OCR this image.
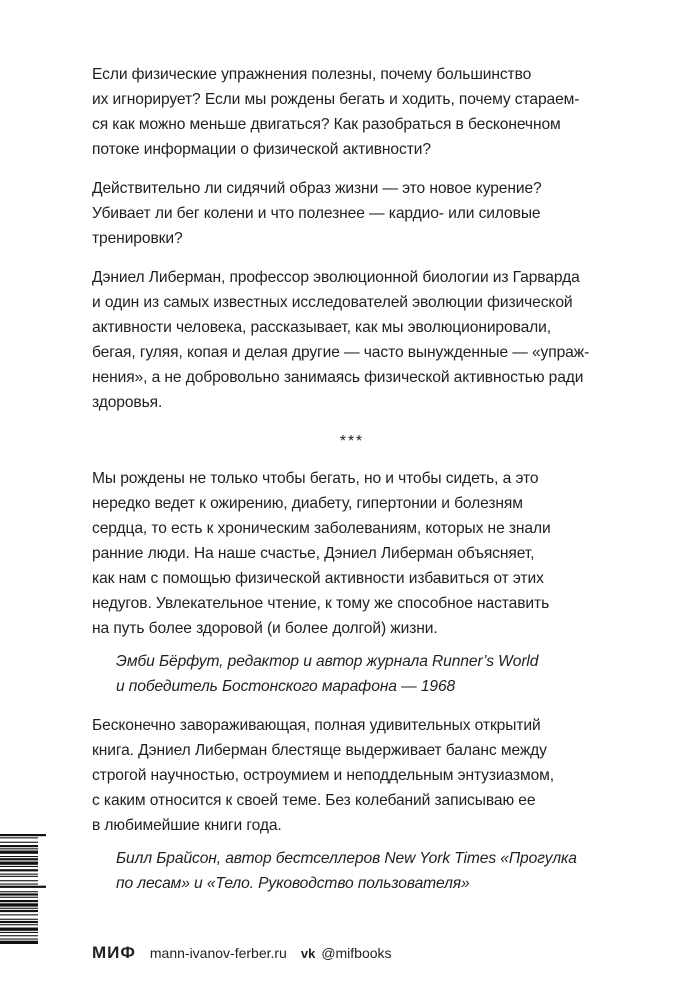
Если физические упражнения полезны, почему большинство
их игнорирует? Если мы рождены бегать и ходить, почему стараем-
ся как можно меньше двигаться? Как разобраться в бесконечном
потоке информации о физической активности?

Действительно ли сидячий образ жизни — это новое курение?
Убивает ли бег колени и что полезнее — кардио- или силовые
тренировки?

Дэниел Либерман, профессор эволюционной биологии из Гарварда
и один из самых известных исследователей эволюции физической
активности человека, рассказывает, как мы эволюционировали,
бегая, гуляя, копая и делая другие — часто вынужденные — «упраж-
нения», а не добровольно занимаясь физической активностью ради
здоровья.

***

Мы рождены не только чтобы бегать, но и чтобы сидеть, а это
нередко ведет к ожирению, диабету, гипертонии и болезням
сердца, то есть к хроническим заболеваниям, которых не знали
ранние люди. На наше счастье, Дэниел Либерман объясняет,
как нам с помощью физической активности избавиться от этих
недугов. Увлекательное чтение, к тому же способное наставить
на путь более здоровой (и более долгой) жизни.

Эмби Бёрфут, редактор и автор журнала Runner’s World
и победитель Бостонского марафона — 1968

Бесконечно завораживающая, полная удивительных открытий
книга. Дэниел Либерман блестяще выдерживает баланс между
строгой научностью, остроумием и неподдельным энтузиазмом,
с каким относится к своей теме. Без колебаний записываю ее
в любимейшие книги года.

Билл Брайсон, автор бестселлеров New York Times «Прогулка
по лесам» и «Тело. Руководство пользователя»
МИФ mann-ivanov-ferber.ru vk @mifbooks
